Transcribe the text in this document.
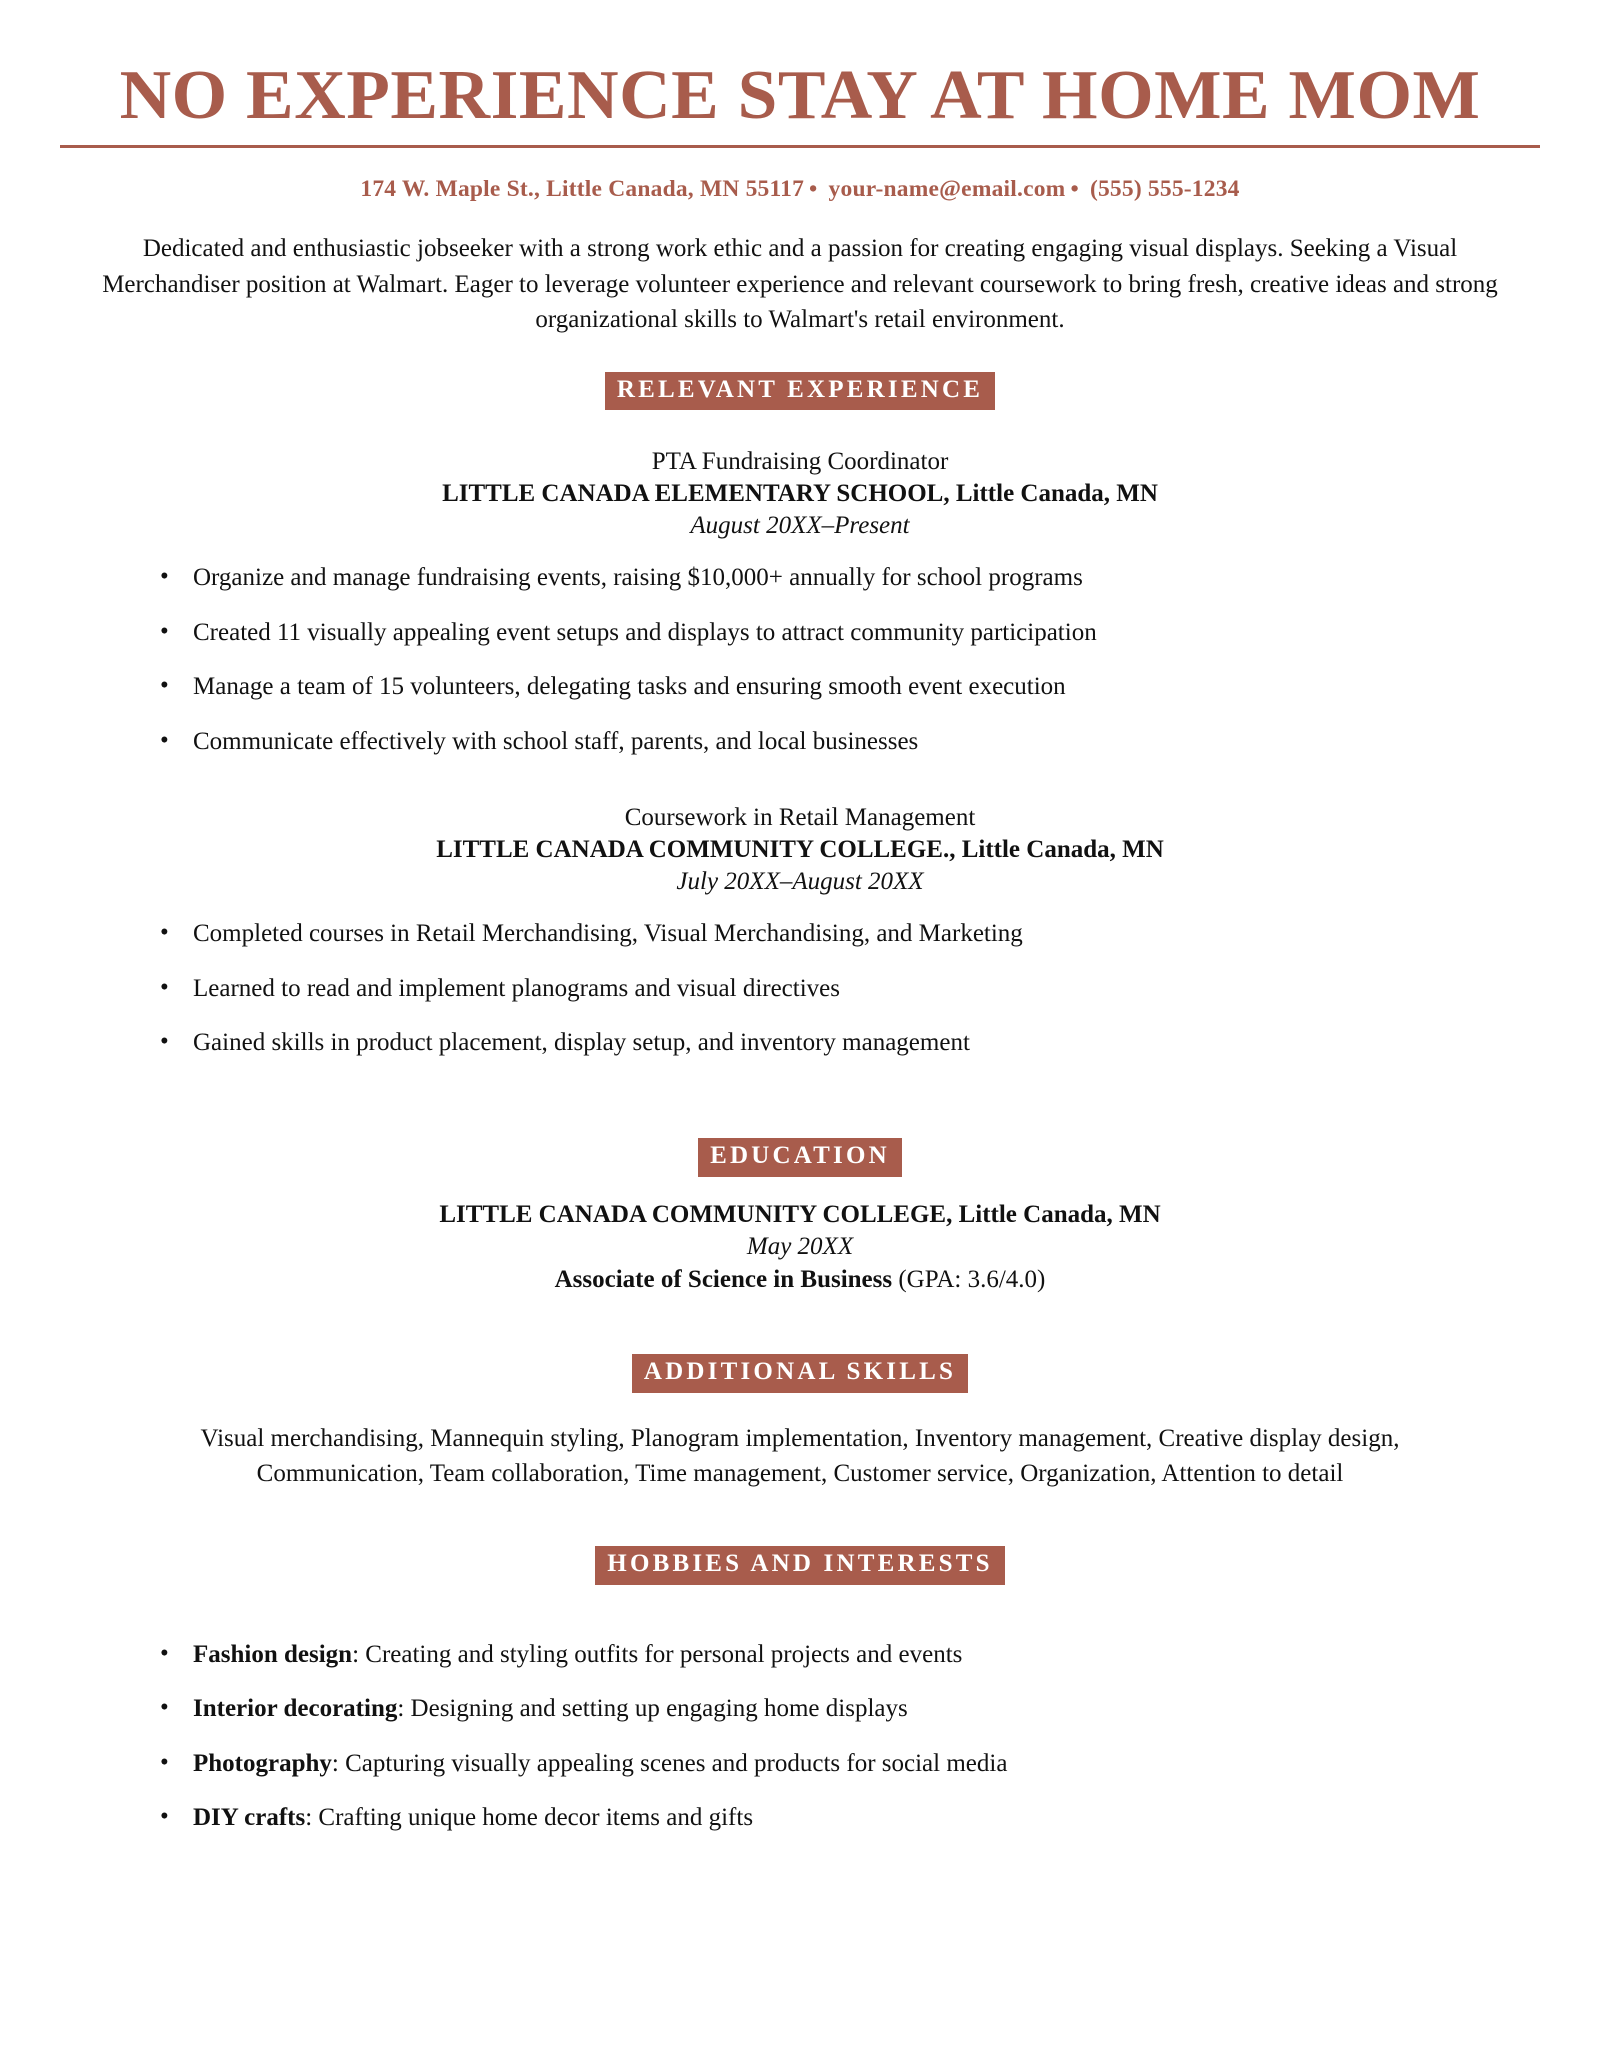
NO EXPERIENCE STAY AT HOME MOM
174 W. Maple St., Little Canada, MN 55117 • your-name@email.com • (555) 555-1234
Dedicated and enthusiastic jobseeker with a strong work ethic and a passion for creating engaging visual displays. Seeking a Visual Merchandiser position at Walmart. Eager to leverage volunteer experience and relevant coursework to bring fresh, creative ideas and strong organizational skills to Walmart's retail environment.
RELEVANT EXPERIENCE
PTA Fundraising Coordinator
LITTLE CANADA ELEMENTARY SCHOOL, Little Canada, MN
August 20XX–Present
• Organize and manage fundraising events, raising $10,000+ annually for school programs
• Created 11 visually appealing event setups and displays to attract community participation
• Manage a team of 15 volunteers, delegating tasks and ensuring smooth event execution
• Communicate effectively with school staff, parents, and local businesses
Coursework in Retail Management
LITTLE CANADA COMMUNITY COLLEGE., Little Canada, MN
July 20XX–August 20XX
• Completed courses in Retail Merchandising, Visual Merchandising, and Marketing
• Learned to read and implement planograms and visual directives
• Gained skills in product placement, display setup, and inventory management
EDUCATION
LITTLE CANADA COMMUNITY COLLEGE, Little Canada, MN
May 20XX
Associate of Science in Business (GPA: 3.6/4.0)
ADDITIONAL SKILLS
Visual merchandising, Mannequin styling, Planogram implementation, Inventory management, Creative display design, Communication, Team collaboration, Time management, Customer service, Organization, Attention to detail
HOBBIES AND INTERESTS
• Fashion design: Creating and styling outfits for personal projects and events
• Interior decorating: Designing and setting up engaging home displays
• Photography: Capturing visually appealing scenes and products for social media
• DIY crafts: Crafting unique home decor items and gifts
